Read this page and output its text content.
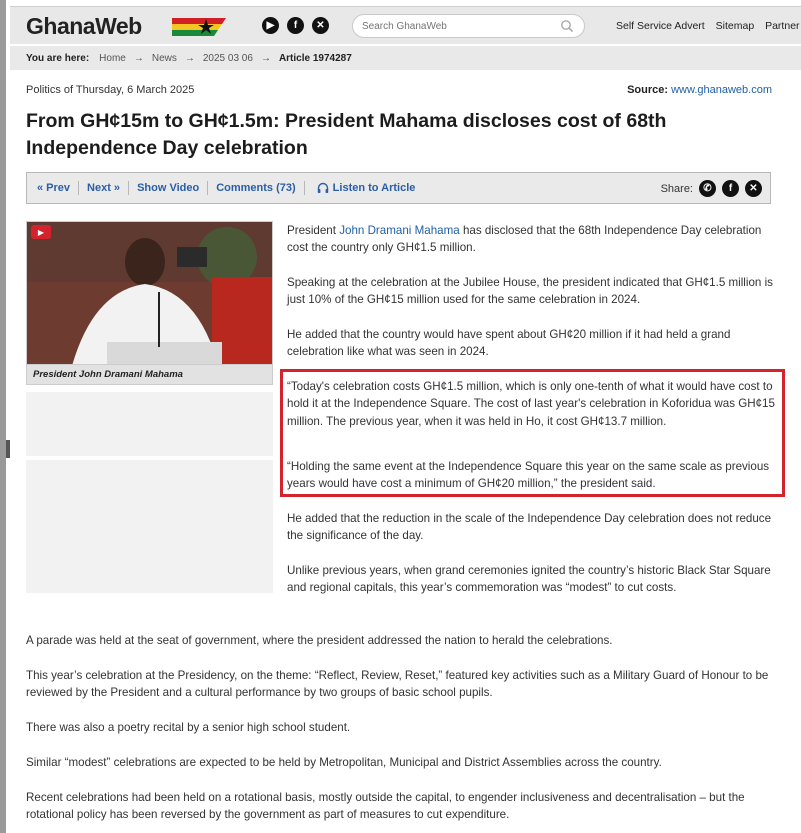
GhanaWeb	▶	f	✕
Search GhanaWeb	Self Service Advert Sitemap Partner
You are here: Home → News → 2025 03 06 → Article 1974287
Politics of Thursday, 6 March 2025	Source: www.ghanaweb.com
From GH¢15m to GH¢1.5m: President Mahama discloses cost of 68th Independence Day celebration
« Prev	Next »	Show Video	Comments (73)	Listen to Article	Share:	✆	f	✕
▶
President John Dramani Mahama

President John Dramani Mahama has disclosed that the 68th Independence Day celebration cost the country only GH¢1.5 million.

Speaking at the celebration at the Jubilee House, the president indicated that GH¢1.5 million is just 10% of the GH¢15 million used for the same celebration in 2024.

He added that the country would have spent about GH¢20 million if it had held a grand celebration like what was seen in 2024.

“Today's celebration costs GH¢1.5 million, which is only one-tenth of what it would have cost to hold it at the Independence Square. The cost of last year's celebration in Koforidua was GH¢15 million. The previous year, when it was held in Ho, it cost GH¢13.7 million.

“Holding the same event at the Independence Square this year on the same scale as previous years would have cost a minimum of GH¢20 million,” the president said.

He added that the reduction in the scale of the Independence Day celebration does not reduce the significance of the day.

Unlike previous years, when grand ceremonies ignited the country’s historic Black Star Square and regional capitals, this year’s commemoration was “modest” to cut costs.

A parade was held at the seat of government, where the president addressed the nation to herald the celebrations.

This year’s celebration at the Presidency, on the theme: “Reflect, Review, Reset,” featured key activities such as a Military Guard of Honour to be reviewed by the President and a cultural performance by two groups of basic school pupils.

There was also a poetry recital by a senior high school student.

Similar “modest” celebrations are expected to be held by Metropolitan, Municipal and District Assemblies across the country.

Recent celebrations had been held on a rotational basis, mostly outside the capital, to engender inclusiveness and decentralisation – but the rotational policy has been reversed by the government as part of measures to cut expenditure.
